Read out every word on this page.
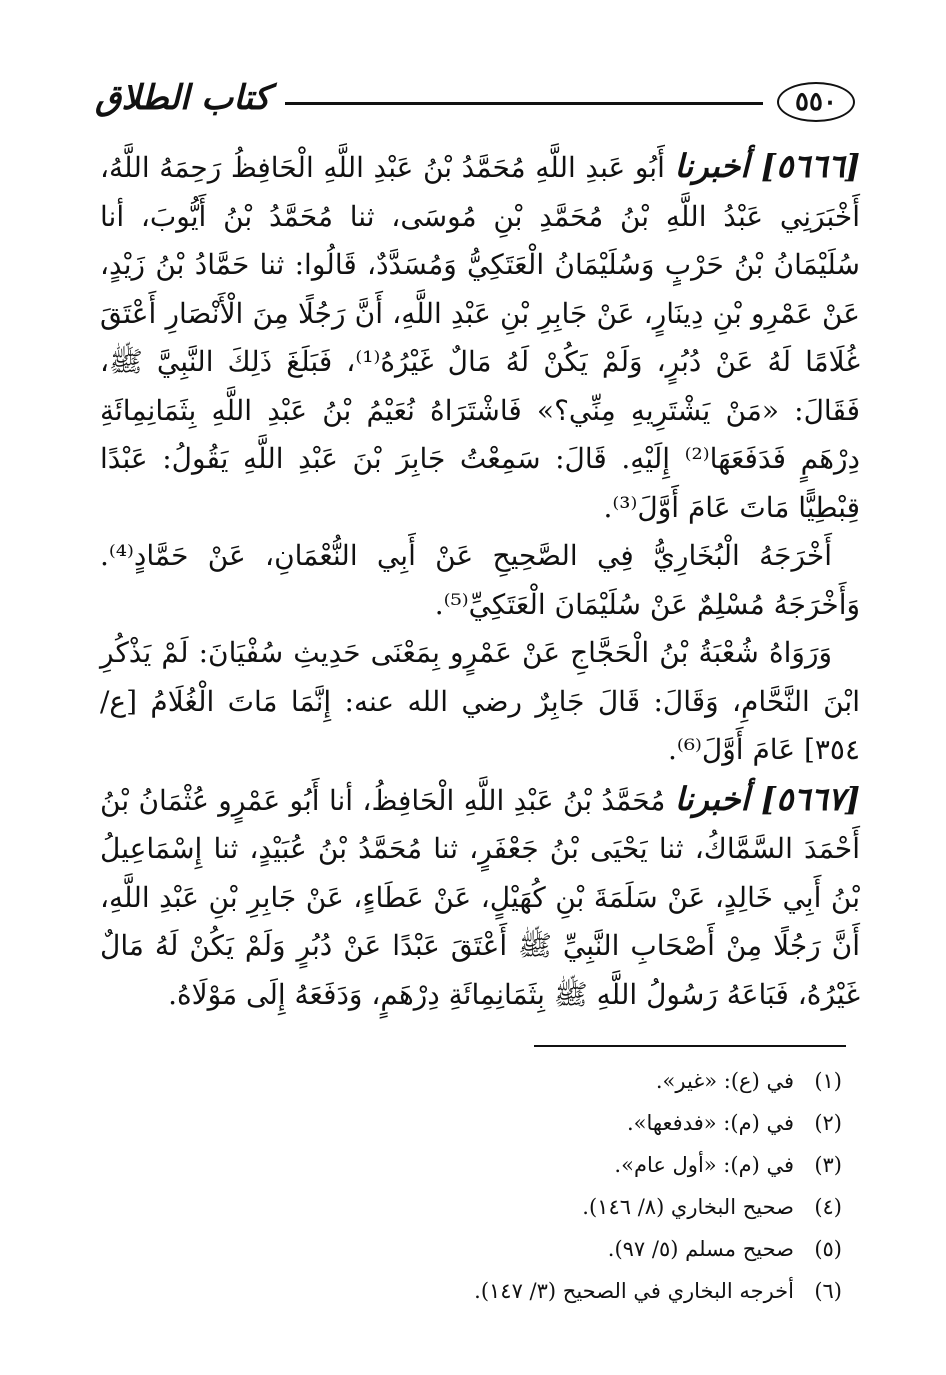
٥٥٠
كتاب الطلاق

[٥٦٦٦] أخبرنا أَبُو عَبدِ اللَّهِ مُحَمَّدُ بْنُ عَبْدِ اللَّهِ الْحَافِظُ رَحِمَهُ اللَّهُ، أَخْبَرَنِي عَبْدُ اللَّهِ بْنُ مُحَمَّدِ بْنِ مُوسَى، ثنا مُحَمَّدُ بْنُ أَيُّوبَ، أنا سُلَيْمَانُ بْنُ حَرْبٍ وَسُلَيْمَانُ الْعَتَكِيُّ وَمُسَدَّدٌ، قَالُوا: ثنا حَمَّادُ بْنُ زَيْدٍ، عَنْ عَمْرِو بْنِ دِينَارٍ، عَنْ جَابِرِ بْنِ عَبْدِ اللَّهِ، أَنَّ رَجُلًا مِنَ الْأَنْصَارِ أَعْتَقَ غُلَامًا لَهُ عَنْ دُبُرٍ، وَلَمْ يَكُنْ لَهُ مَالٌ غَيْرُهُ⁽¹⁾، فَبَلَغَ ذَلِكَ النَّبِيَّ ﷺ، فَقَالَ: «مَنْ يَشْتَرِيهِ مِنِّي؟» فَاشْتَرَاهُ نُعَيْمُ بْنُ عَبْدِ اللَّهِ بِثَمَانِمِائَةِ دِرْهَمٍ فَدَفَعَهَا⁽²⁾ إِلَيْهِ. قَالَ: سَمِعْتُ جَابِرَ بْنَ عَبْدِ اللَّهِ يَقُولُ: عَبْدًا قِبْطِيًّا مَاتَ عَامَ أَوَّلَ⁽³⁾.

أَخْرَجَهُ الْبُخَارِيُّ فِي الصَّحِيحِ عَنْ أَبِي النُّعْمَانِ، عَنْ حَمَّادٍ⁽⁴⁾. وَأَخْرَجَهُ مُسْلِمٌ عَنْ سُلَيْمَانَ الْعَتَكِيِّ⁽⁵⁾.

وَرَوَاهُ شُعْبَةُ بْنُ الْحَجَّاجِ عَنْ عَمْرٍو بِمَعْنَى حَدِيثِ سُفْيَانَ: لَمْ يَذْكُرِ ابْنَ النَّحَّامِ، وَقَالَ: قَالَ جَابِرٌ رضي الله عنه: إِنَّمَا مَاتَ الْغُلَامُ [ع/ ٣٥٤] عَامَ أَوَّلَ⁽⁶⁾.

[٥٦٦٧] أخبرنا مُحَمَّدُ بْنُ عَبْدِ اللَّهِ الْحَافِظُ، أنا أَبُو عَمْرٍو عُثْمَانُ بْنُ أَحْمَدَ السَّمَّاكُ، ثنا يَحْيَى بْنُ جَعْفَرٍ، ثنا مُحَمَّدُ بْنُ عُبَيْدٍ، ثنا إِسْمَاعِيلُ بْنُ أَبِي خَالِدٍ، عَنْ سَلَمَةَ بْنِ كُهَيْلٍ، عَنْ عَطَاءٍ، عَنْ جَابِرِ بْنِ عَبْدِ اللَّهِ، أَنَّ رَجُلًا مِنْ أَصْحَابِ النَّبِيِّ ﷺ أَعْتَقَ عَبْدًا عَنْ دُبُرٍ وَلَمْ يَكُنْ لَهُ مَالٌ غَيْرُهُ، فَبَاعَهُ رَسُولُ اللَّهِ ﷺ بِثَمَانِمِائَةِ دِرْهَمٍ، وَدَفَعَهُ إِلَى مَوْلَاهُ.

(١)
في (ع): «غير».
(٢)
في (م): «فدفعها».
(٣)
في (م): «أول عام».
(٤)
صحيح البخاري (٨/ ١٤٦).
(٥)
صحيح مسلم (٥/ ٩٧).
(٦)
أخرجه البخاري في الصحيح (٣/ ١٤٧).
